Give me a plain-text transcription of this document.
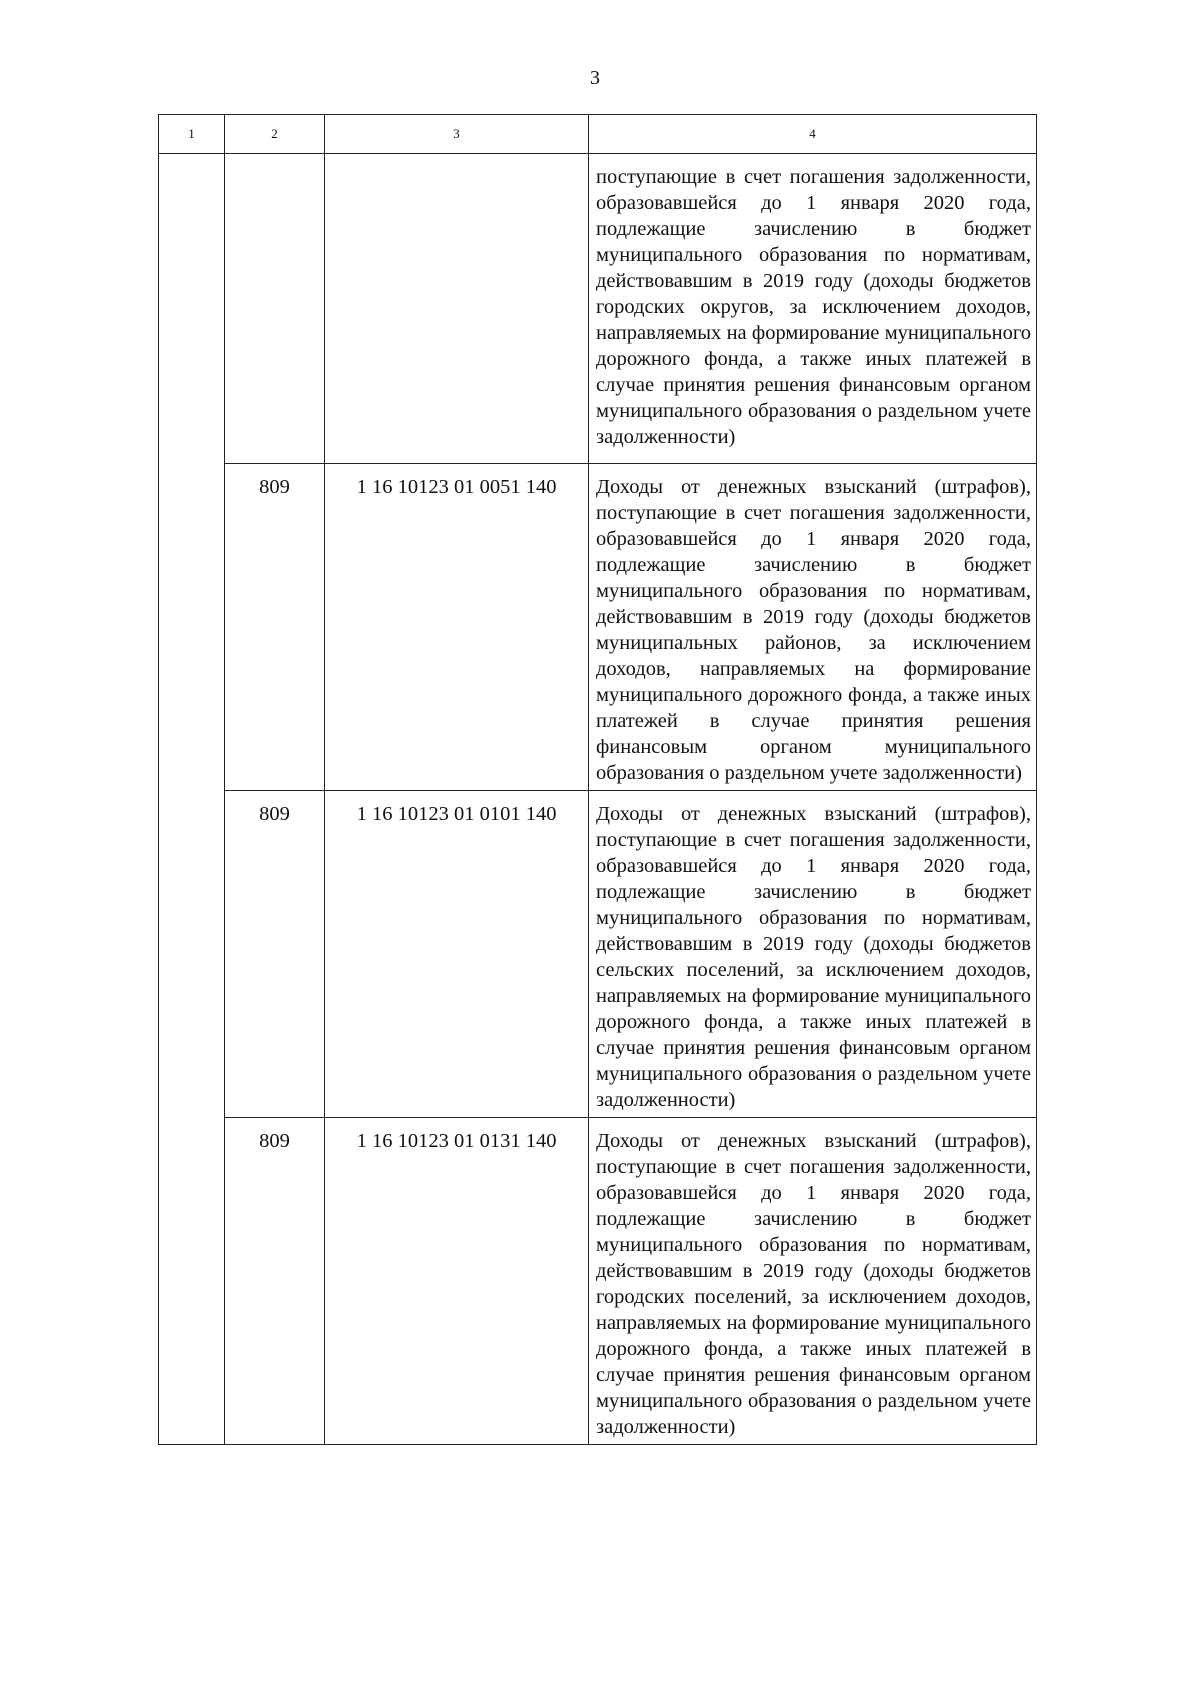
3
1	2	3	4
			поступающие в счет погашения задолженности, образовавшейся до 1 января 2020 года, подлежащие зачислению в бюджет муниципального образования по нормативам, действовавшим в 2019 году (доходы бюджетов городских округов, за исключением доходов, направляемых на формирование муниципального дорожного фонда, а также иных платежей в случае принятия решения финансовым органом муниципального образования о раздельном учете задолженности)
	809	1 16 10123 01 0051 140	Доходы от денежных взысканий (штрафов), поступающие в счет погашения задолженности, образовавшейся до 1 января 2020 года, подлежащие зачислению в бюджет муниципального образования по нормативам, действовавшим в 2019 году (доходы бюджетов муниципальных районов, за исключением доходов, направляемых на формирование муниципального дорожного фонда, а также иных платежей в случае принятия решения финансовым органом муниципального образования о раздельном учете задолженности)
	809	1 16 10123 01 0101 140	Доходы от денежных взысканий (штрафов), поступающие в счет погашения задолженности, образовавшейся до 1 января 2020 года, подлежащие зачислению в бюджет муниципального образования по нормативам, действовавшим в 2019 году (доходы бюджетов сельских поселений, за исключением доходов, направляемых на формирование муниципального дорожного фонда, а также иных платежей в случае принятия решения финансовым органом муниципального образования о раздельном учете задолженности)
	809	1 16 10123 01 0131 140	Доходы от денежных взысканий (штрафов), поступающие в счет погашения задолженности, образовавшейся до 1 января 2020 года, подлежащие зачислению в бюджет муниципального образования по нормативам, действовавшим в 2019 году (доходы бюджетов городских поселений, за исключением доходов, направляемых на формирование муниципального дорожного фонда, а также иных платежей в случае принятия решения финансовым органом муниципального образования о раздельном учете задолженности)
